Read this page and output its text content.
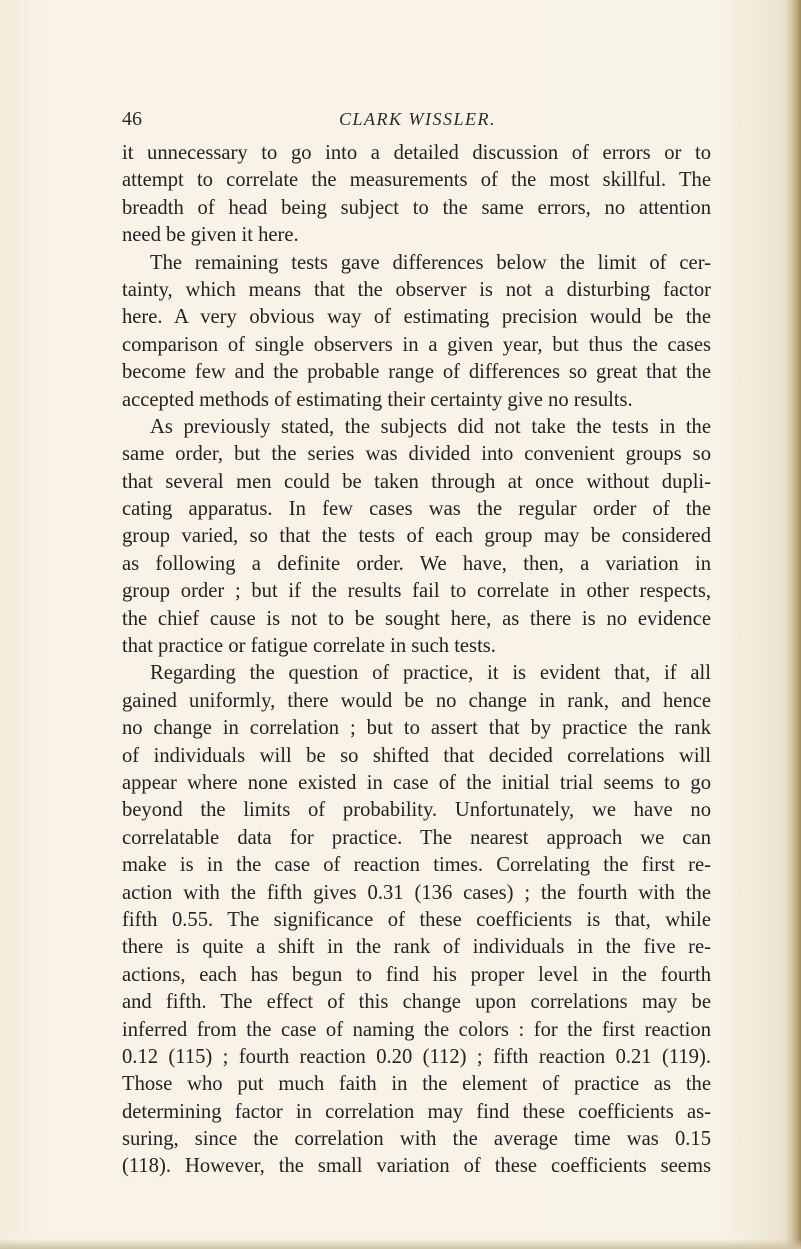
46	CLARK WISSLER.
it unnecessary to go into a detailed discussion of errors or to
attempt to correlate the measurements of the most skillful. The
breadth of head being subject to the same errors, no attention
need be given it here.
The remaining tests gave differences below the limit of cer-
tainty, which means that the observer is not a disturbing factor
here. A very obvious way of estimating precision would be the
comparison of single observers in a given year, but thus the cases
become few and the probable range of differences so great that the
accepted methods of estimating their certainty give no results.
As previously stated, the subjects did not take the tests in the
same order, but the series was divided into convenient groups so
that several men could be taken through at once without dupli-
cating apparatus. In few cases was the regular order of the
group varied, so that the tests of each group may be considered
as following a definite order. We have, then, a variation in
group order ; but if the results fail to correlate in other respects,
the chief cause is not to be sought here, as there is no evidence
that practice or fatigue correlate in such tests.
Regarding the question of practice, it is evident that, if all
gained uniformly, there would be no change in rank, and hence
no change in correlation ; but to assert that by practice the rank
of individuals will be so shifted that decided correlations will
appear where none existed in case of the initial trial seems to go
beyond the limits of probability. Unfortunately, we have no
correlatable data for practice. The nearest approach we can
make is in the case of reaction times. Correlating the first re-
action with the fifth gives 0.31 (136 cases) ; the fourth with the
fifth 0.55. The significance of these coefficients is that, while
there is quite a shift in the rank of individuals in the five re-
actions, each has begun to find his proper level in the fourth
and fifth. The effect of this change upon correlations may be
inferred from the case of naming the colors : for the first reaction
0.12 (115) ; fourth reaction 0.20 (112) ; fifth reaction 0.21 (119).
Those who put much faith in the element of practice as the
determining factor in correlation may find these coefficients as-
suring, since the correlation with the average time was 0.15
(118). However, the small variation of these coefficients seems
